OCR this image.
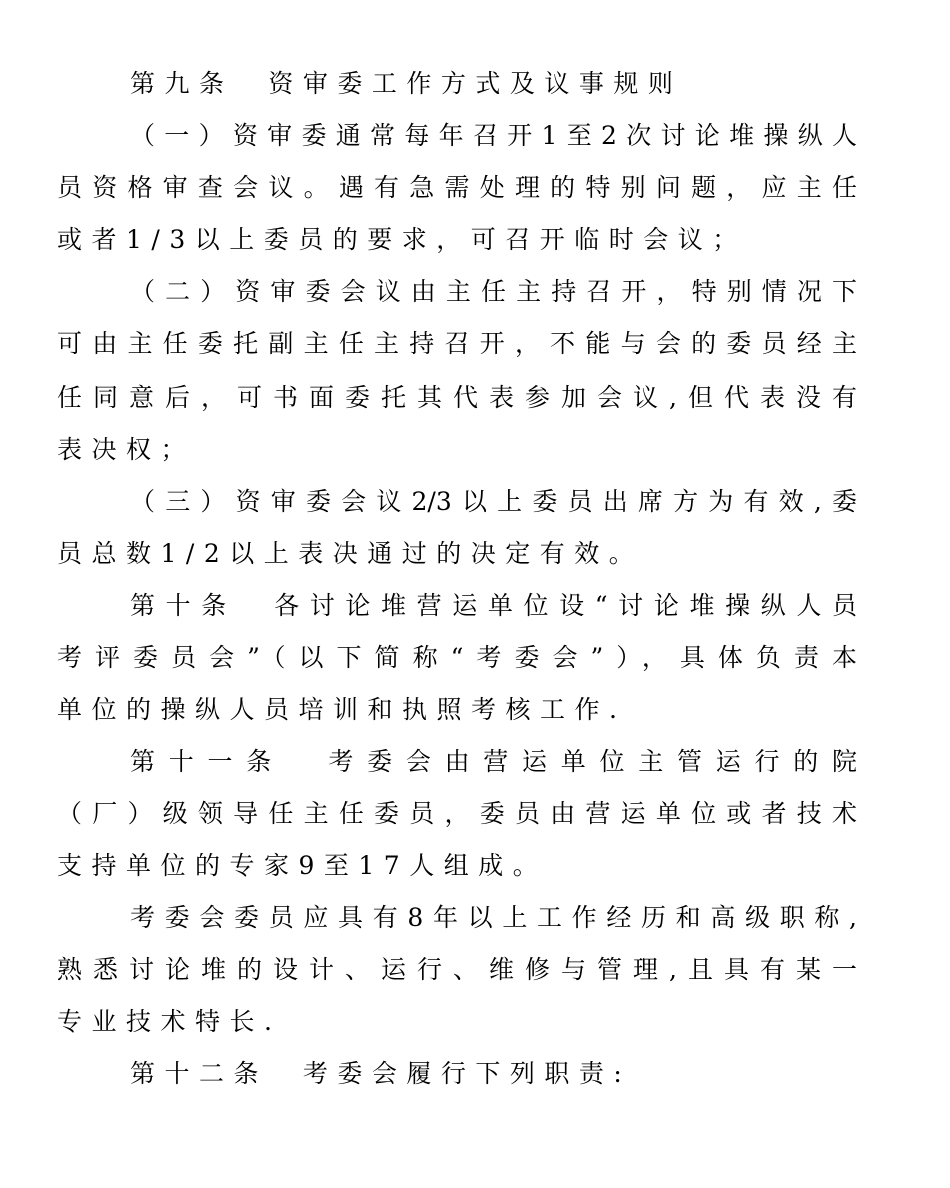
第九条  资审委工作方式及议事规则
（一）资审委通常每年召开1至2次讨论堆操纵人
员资格审查会议。遇有急需处理的特别问题，应主任
或者1/3以上委员的要求，可召开临时会议；
（二）资审委会议由主任主持召开，特别情况下
可由主任委托副主任主持召开，不能与会的委员经主
任同意后，可书面委托其代表参加会议,但代表没有
表决权；
（三）资审委会议2/3以上委员出席方为有效,委
员总数1/2以上表决通过的决定有效。
第十条  各讨论堆营运单位设“讨论堆操纵人员
考评委员会”（以下简称“考委会”），具体负责本
单位的操纵人员培训和执照考核工作.
第十一条  考委会由营运单位主管运行的院
（厂）级领导任主任委员，委员由营运单位或者技术
支持单位的专家9至17人组成。
考委会委员应具有8年以上工作经历和高级职称,
熟悉讨论堆的设计、运行、维修与管理,且具有某一
专业技术特长.
第十二条  考委会履行下列职责:
